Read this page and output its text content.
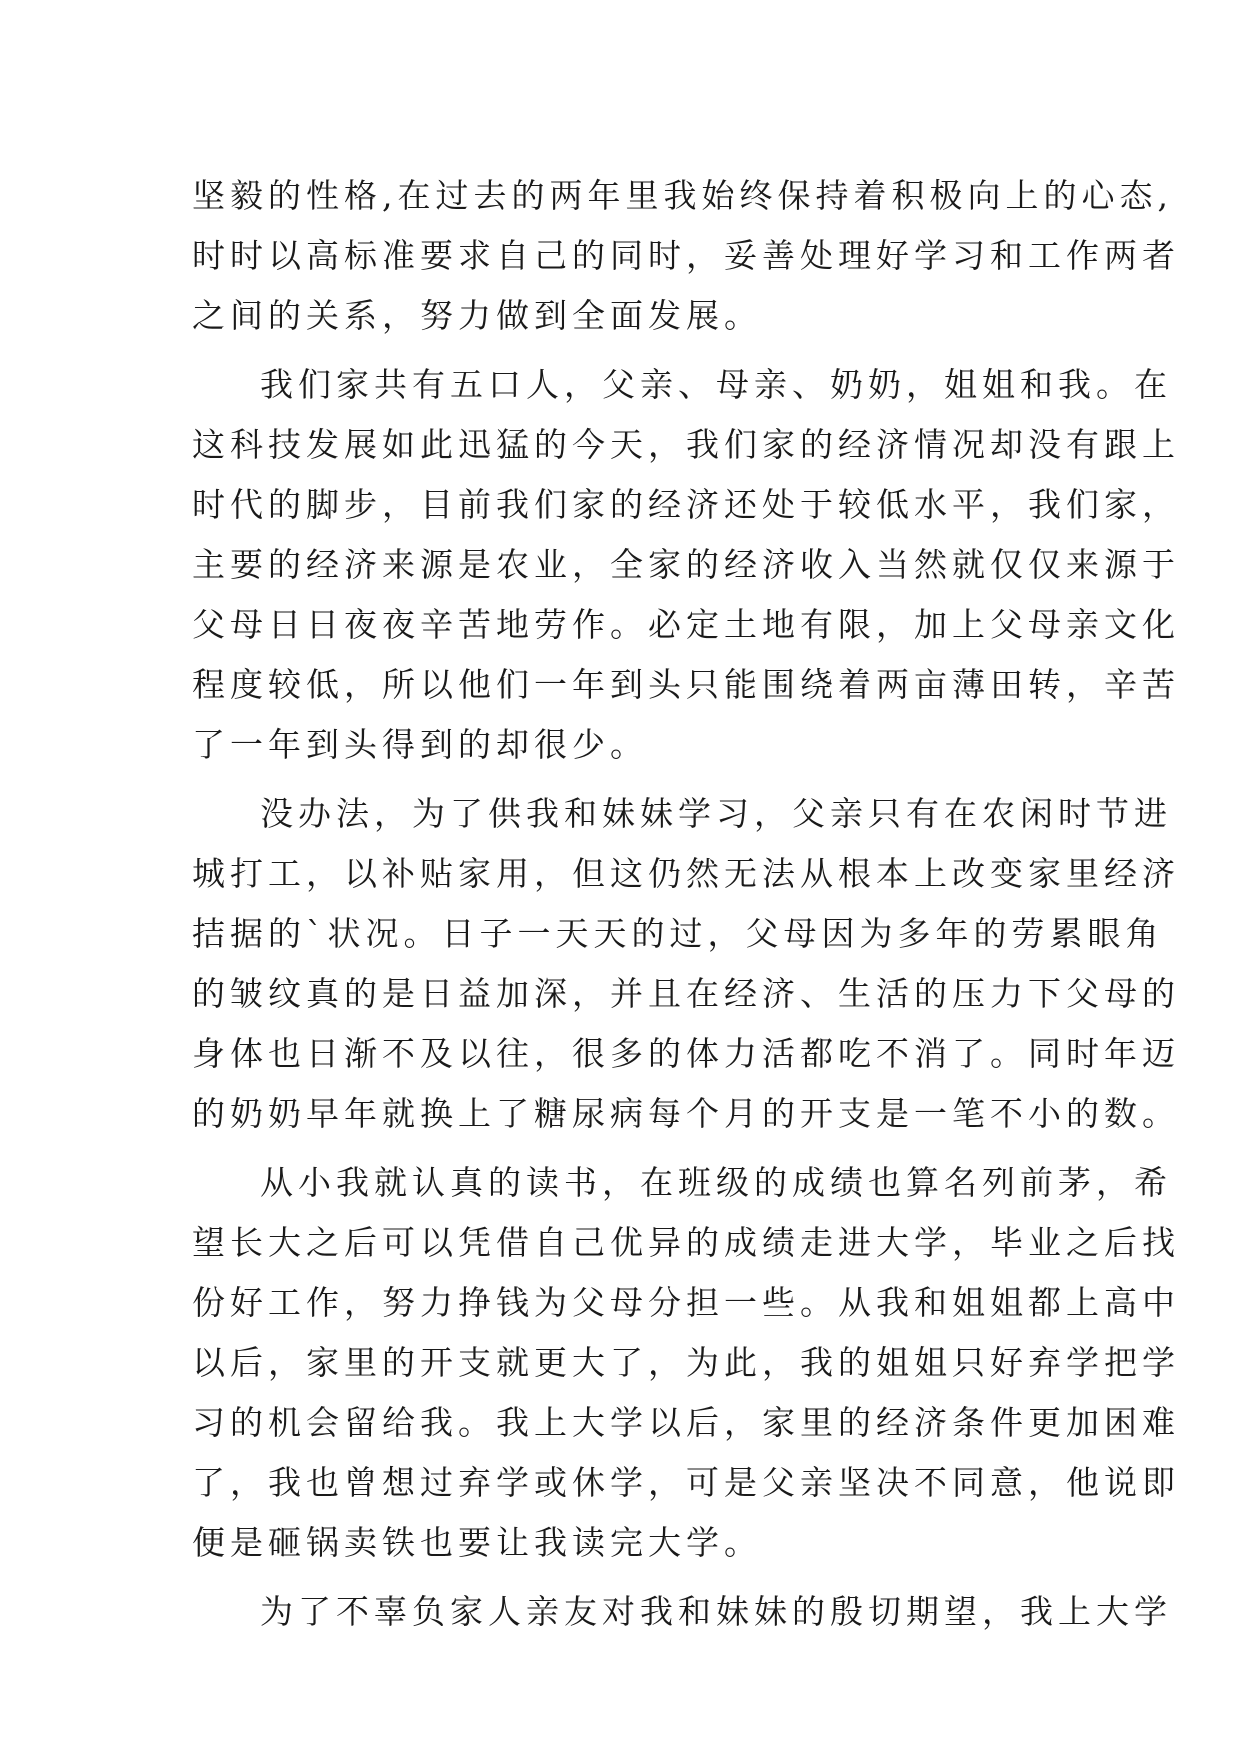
坚毅的性格,在过去的两年里我始终保持着积极向上的心态,
时时以高标准要求自己的同时，妥善处理好学习和工作两者
之间的关系，努力做到全面发展。
我们家共有五口人，父亲、母亲、奶奶，姐姐和我。在
这科技发展如此迅猛的今天，我们家的经济情况却没有跟上
时代的脚步，目前我们家的经济还处于较低水平，我们家，
主要的经济来源是农业，全家的经济收入当然就仅仅来源于
父母日日夜夜辛苦地劳作。必定土地有限，加上父母亲文化
程度较低，所以他们一年到头只能围绕着两亩薄田转，辛苦
了一年到头得到的却很少。
没办法，为了供我和妹妹学习，父亲只有在农闲时节进
城打工，以补贴家用，但这仍然无法从根本上改变家里经济
拮据的`状况。日子一天天的过，父母因为多年的劳累眼角
的皱纹真的是日益加深，并且在经济、生活的压力下父母的
身体也日渐不及以往，很多的体力活都吃不消了。同时年迈
的奶奶早年就换上了糖尿病每个月的开支是一笔不小的数。
从小我就认真的读书，在班级的成绩也算名列前茅，希
望长大之后可以凭借自己优异的成绩走进大学，毕业之后找
份好工作，努力挣钱为父母分担一些。从我和姐姐都上高中
以后，家里的开支就更大了，为此，我的姐姐只好弃学把学
习的机会留给我。我上大学以后，家里的经济条件更加困难
了，我也曾想过弃学或休学，可是父亲坚决不同意，他说即
便是砸锅卖铁也要让我读完大学。
为了不辜负家人亲友对我和妹妹的殷切期望，我上大学
